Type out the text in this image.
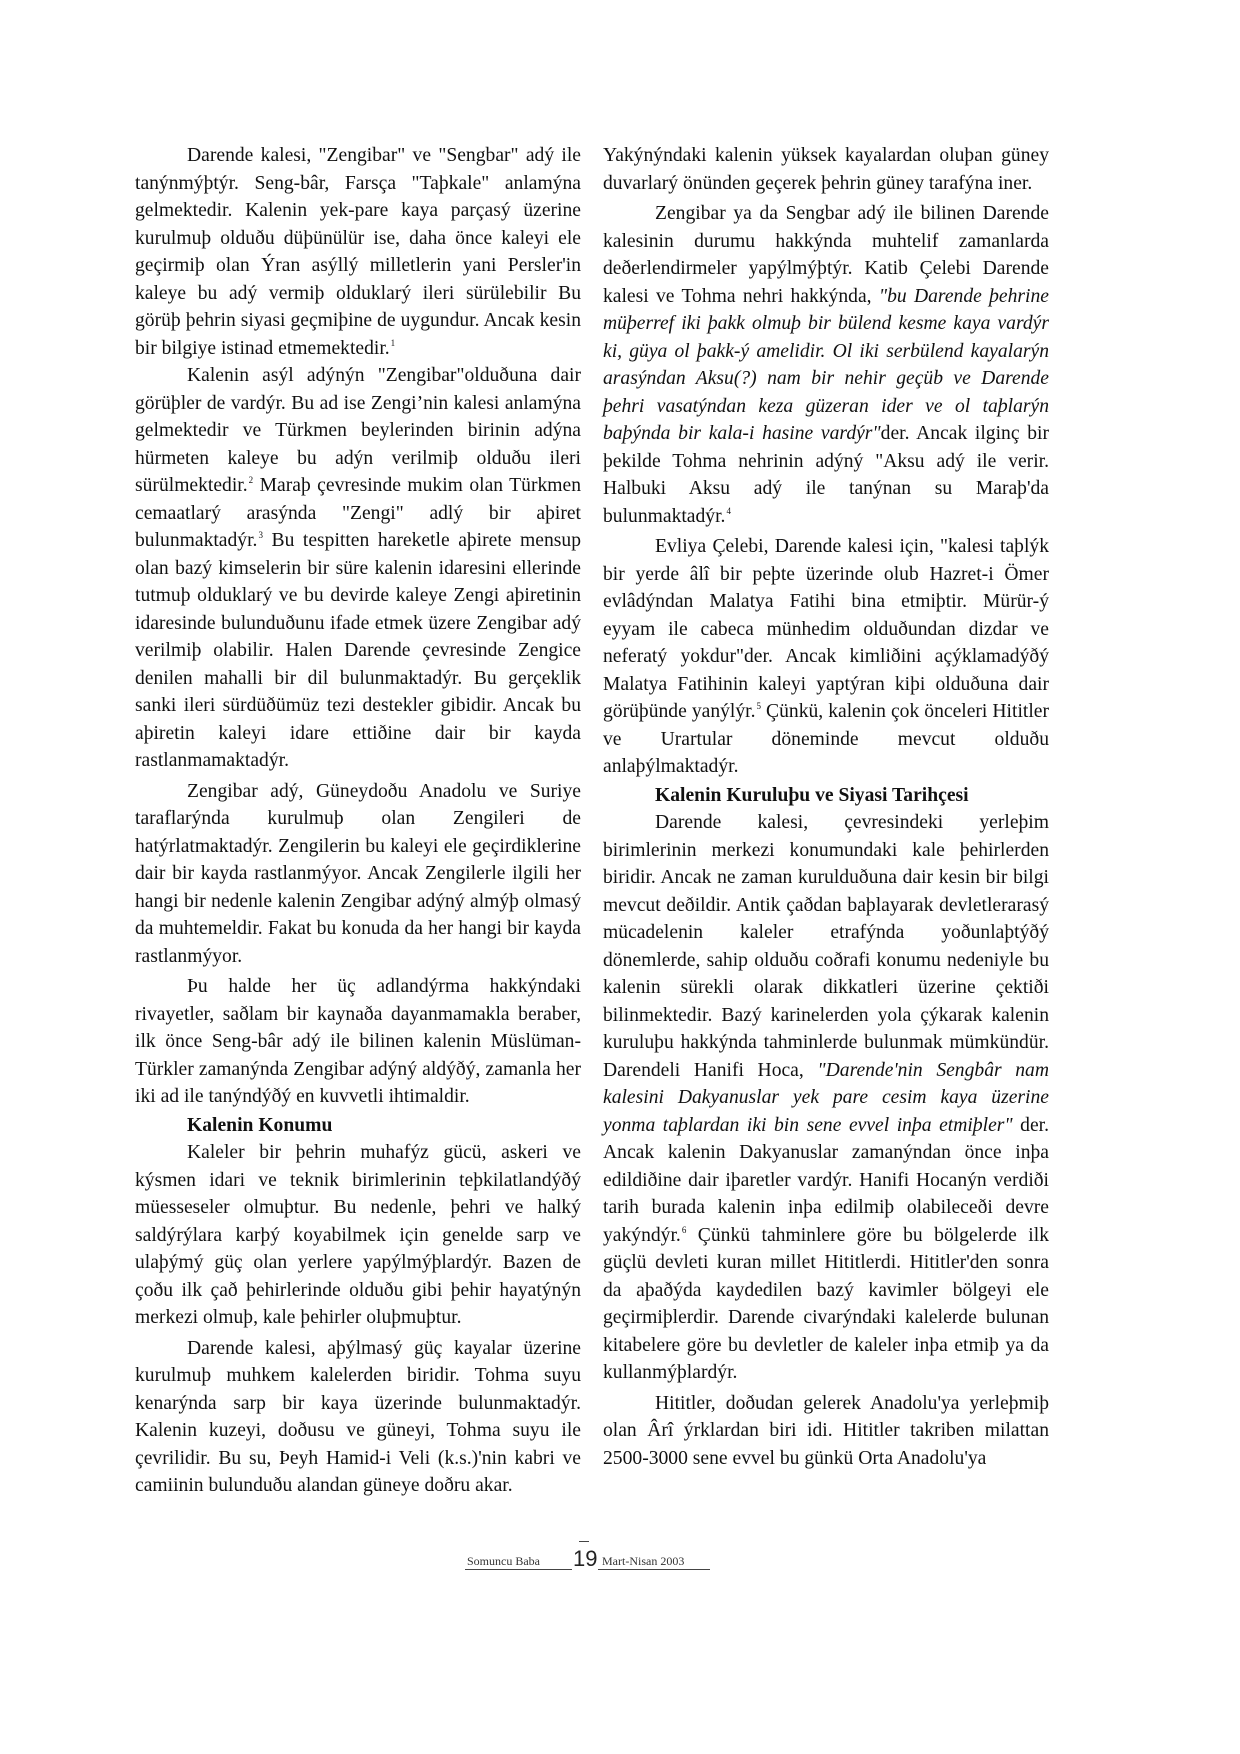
Darende kalesi, "Zengibar" ve "Sengbar" adý ile tanýnmýþtýr. Seng-bâr, Farsça "Taþkale" anlamýna gelmektedir. Kalenin yek-pare kaya parçasý üzerine kurulmuþ olduðu düþünülür ise, daha önce kaleyi ele geçirmiþ olan Ýran asýllý milletlerin yani Persler'in kaleye bu adý vermiþ olduklarý ileri sürülebilir Bu görüþ þehrin siyasi geçmiþine de uygundur. Ancak kesin bir bilgiye istinad etmemektedir.$^1$

Kalenin asýl adýnýn "Zengibar"olduðuna dair görüþler de vardýr. Bu ad ise Zengi’nin kalesi anlamýna gelmektedir ve Türkmen beylerinden birinin adýna hürmeten kaleye bu adýn verilmiþ olduðu ileri sürülmektedir.$^2$ Maraþ çevresinde mukim olan Türkmen cemaatlarý arasýnda "Zengi" adlý bir aþiret bulunmaktadýr.$^3$ Bu tespitten hareketle aþirete mensup olan bazý kimselerin bir süre kalenin idaresini ellerinde tutmuþ olduklarý ve bu devirde kaleye Zengi aþiretinin idaresinde bulunduðunu ifade etmek üzere Zengibar adý verilmiþ olabilir. Halen Darende çevresinde Zengice denilen mahalli bir dil bulunmaktadýr. Bu gerçeklik sanki ileri sürdüðümüz tezi destekler gibidir. Ancak bu aþiretin kaleyi idare ettiðine dair bir kayda rastlanmamaktadýr.

Zengibar adý, Güneydoðu Anadolu ve Suriye taraflarýnda kurulmuþ olan Zengileri de hatýrlatmaktadýr. Zengilerin bu kaleyi ele geçirdiklerine dair bir kayda rastlanmýyor. Ancak Zengilerle ilgili her hangi bir nedenle kalenin Zengibar adýný almýþ olmasý da muhtemeldir. Fakat bu konuda da her hangi bir kayda rastlanmýyor.

Þu halde her üç adlandýrma hakkýndaki rivayetler, saðlam bir kaynaða dayanmamakla beraber, ilk önce Seng-bâr adý ile bilinen kalenin Müslüman-Türkler zamanýnda Zengibar adýný aldýðý, zamanla her iki ad ile tanýndýðý en kuvvetli ihtimaldir.

Kalenin Konumu

Kaleler bir þehrin muhafýz gücü, askeri ve kýsmen idari ve teknik birimlerinin teþkilatlandýðý müesseseler olmuþtur. Bu nedenle, þehri ve halký saldýrýlara karþý koyabilmek için genelde sarp ve ulaþýmý güç olan yerlere yapýlmýþlardýr. Bazen de çoðu ilk çað þehirlerinde olduðu gibi þehir hayatýnýn merkezi olmuþ, kale þehirler oluþmuþtur.

Darende kalesi, aþýlmasý güç kayalar üzerine kurulmuþ muhkem kalelerden biridir. Tohma suyu kenarýnda sarp bir kaya üzerinde bulunmaktadýr. Kalenin kuzeyi, doðusu ve güneyi, Tohma suyu ile çevrilidir. Bu su, Þeyh Hamid-i Veli (k.s.)'nin kabri ve camiinin bulunduðu alandan güneye doðru akar.

Yakýnýndaki kalenin yüksek kayalardan oluþan güney duvarlarý önünden geçerek þehrin güney tarafýna iner.

Zengibar ya da Sengbar adý ile bilinen Darende kalesinin durumu hakkýnda muhtelif zamanlarda deðerlendirmeler yapýlmýþtýr. Katib Çelebi Darende kalesi ve Tohma nehri hakkýnda, "bu Darende þehrine müþerref iki þakk olmuþ bir bülend kesme kaya vardýr ki, güya ol þakk-ý amelidir. Ol iki serbülend kayalarýn arasýndan Aksu(?) nam bir nehir geçüb ve Darende þehri vasatýndan keza güzeran ider ve ol taþlarýn baþýnda bir kala-i hasine vardýr"der. Ancak ilginç bir þekilde Tohma nehrinin adýný "Aksu adý ile verir. Halbuki Aksu adý ile tanýnan su Maraþ'da bulunmaktadýr.$^4$

Evliya Çelebi, Darende kalesi için, "kalesi taþlýk bir yerde âlî bir peþte üzerinde olub Hazret-i Ömer evlâdýndan Malatya Fatihi bina etmiþtir. Mürür-ý eyyam ile cabeca münhedim olduðundan dizdar ve neferatý yokdur"der. Ancak kimliðini açýklamadýðý Malatya Fatihinin kaleyi yaptýran kiþi olduðuna dair görüþünde yanýlýr.$^5$ Çünkü, kalenin çok önceleri Hititler ve Urartular döneminde mevcut olduðu anlaþýlmaktadýr.

Kalenin Kuruluþu ve Siyasi Tarihçesi

Darende kalesi, çevresindeki yerleþim birimlerinin merkezi konumundaki kale þehirlerden biridir. Ancak ne zaman kurulduðuna dair kesin bir bilgi mevcut deðildir. Antik çaðdan baþlayarak devletlerarasý mücadelenin kaleler etrafýnda yoðunlaþtýðý dönemlerde, sahip olduðu coðrafi konumu nedeniyle bu kalenin sürekli olarak dikkatleri üzerine çektiði bilinmektedir. Bazý karinelerden yola çýkarak kalenin kuruluþu hakkýnda tahminlerde bulunmak mümkündür. Darendeli Hanifi Hoca, "Darende'nin Sengbâr nam kalesini Dakyanuslar yek pare cesim kaya üzerine yonma taþlardan iki bin sene evvel inþa etmiþler" der. Ancak kalenin Dakyanuslar zamanýndan önce inþa edildiðine dair iþaretler vardýr. Hanifi Hocanýn verdiði tarih burada kalenin inþa edilmiþ olabileceði devre yakýndýr.$^6$ Çünkü tahminlere göre bu bölgelerde ilk güçlü devleti kuran millet Hititlerdi. Hititler'den sonra da aþaðýda kaydedilen bazý kavimler bölgeyi ele geçirmiþlerdir. Darende civarýndaki kalelerde bulunan kitabelere göre bu devletler de kaleler inþa etmiþ ya da kullanmýþlardýr.

Hititler, doðudan gelerek Anadolu'ya yerleþmiþ olan Ârî ýrklardan biri idi. Hititler takriben milattan 2500-3000 sene evvel bu günkü Orta Anadolu'ya

Somuncu Baba 19 Mart-Nisan 2003
